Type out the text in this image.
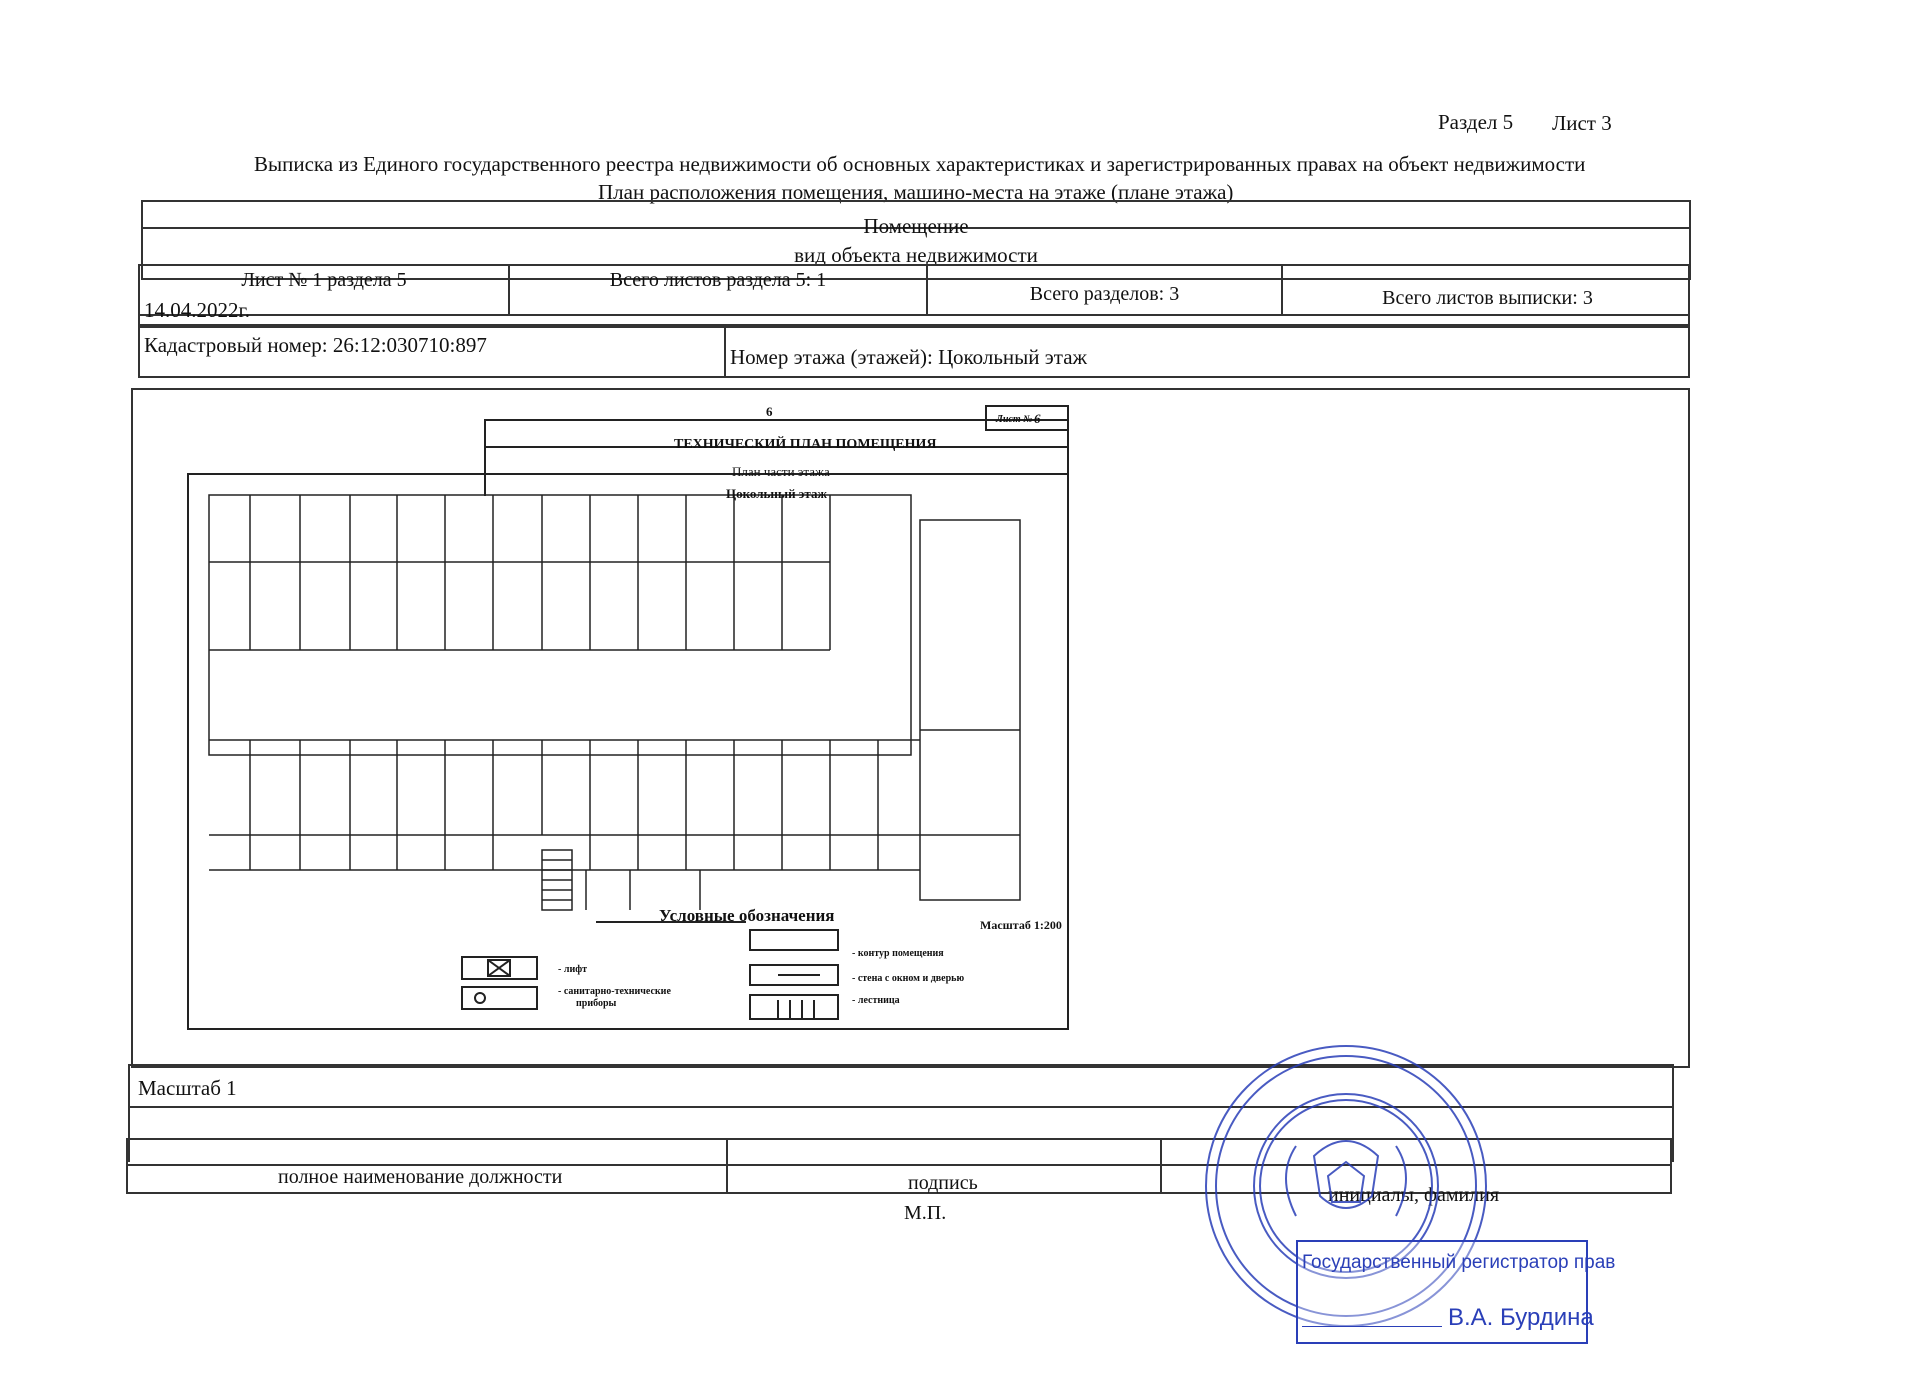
Раздел 5 Лист 3
Выписка из Единого государственного реестра недвижимости об основных характеристиках и зарегистрированных правах на объект недвижимости
План расположения помещения, машино-места на этаже (плане этажа)
Помещение
вид объекта недвижимости
Лист № 1 раздела 5	Всего листов раздела 5: 1
Всего разделов: 3	Всего листов выписки: 3
14.04.2022г.
Кадастровый номер: 26:12:030710:897	Номер этажа (этажей): Цокольный этаж
6
Лист № 6
ТЕХНИЧЕСКИЙ ПЛАН ПОМЕЩЕНИЯ
План части этажа
Цокольный этаж
Условные обозначения	Масштаб 1:200
- лифт
- санитарно-технические
приборы
- контур помещения
- стена с окном и дверью
- лестница
Масштаб 1
полное наименование должности	подпись
инициалы, фамилия
М.П.
Государственный регистратор прав
В.А. Бурдина
